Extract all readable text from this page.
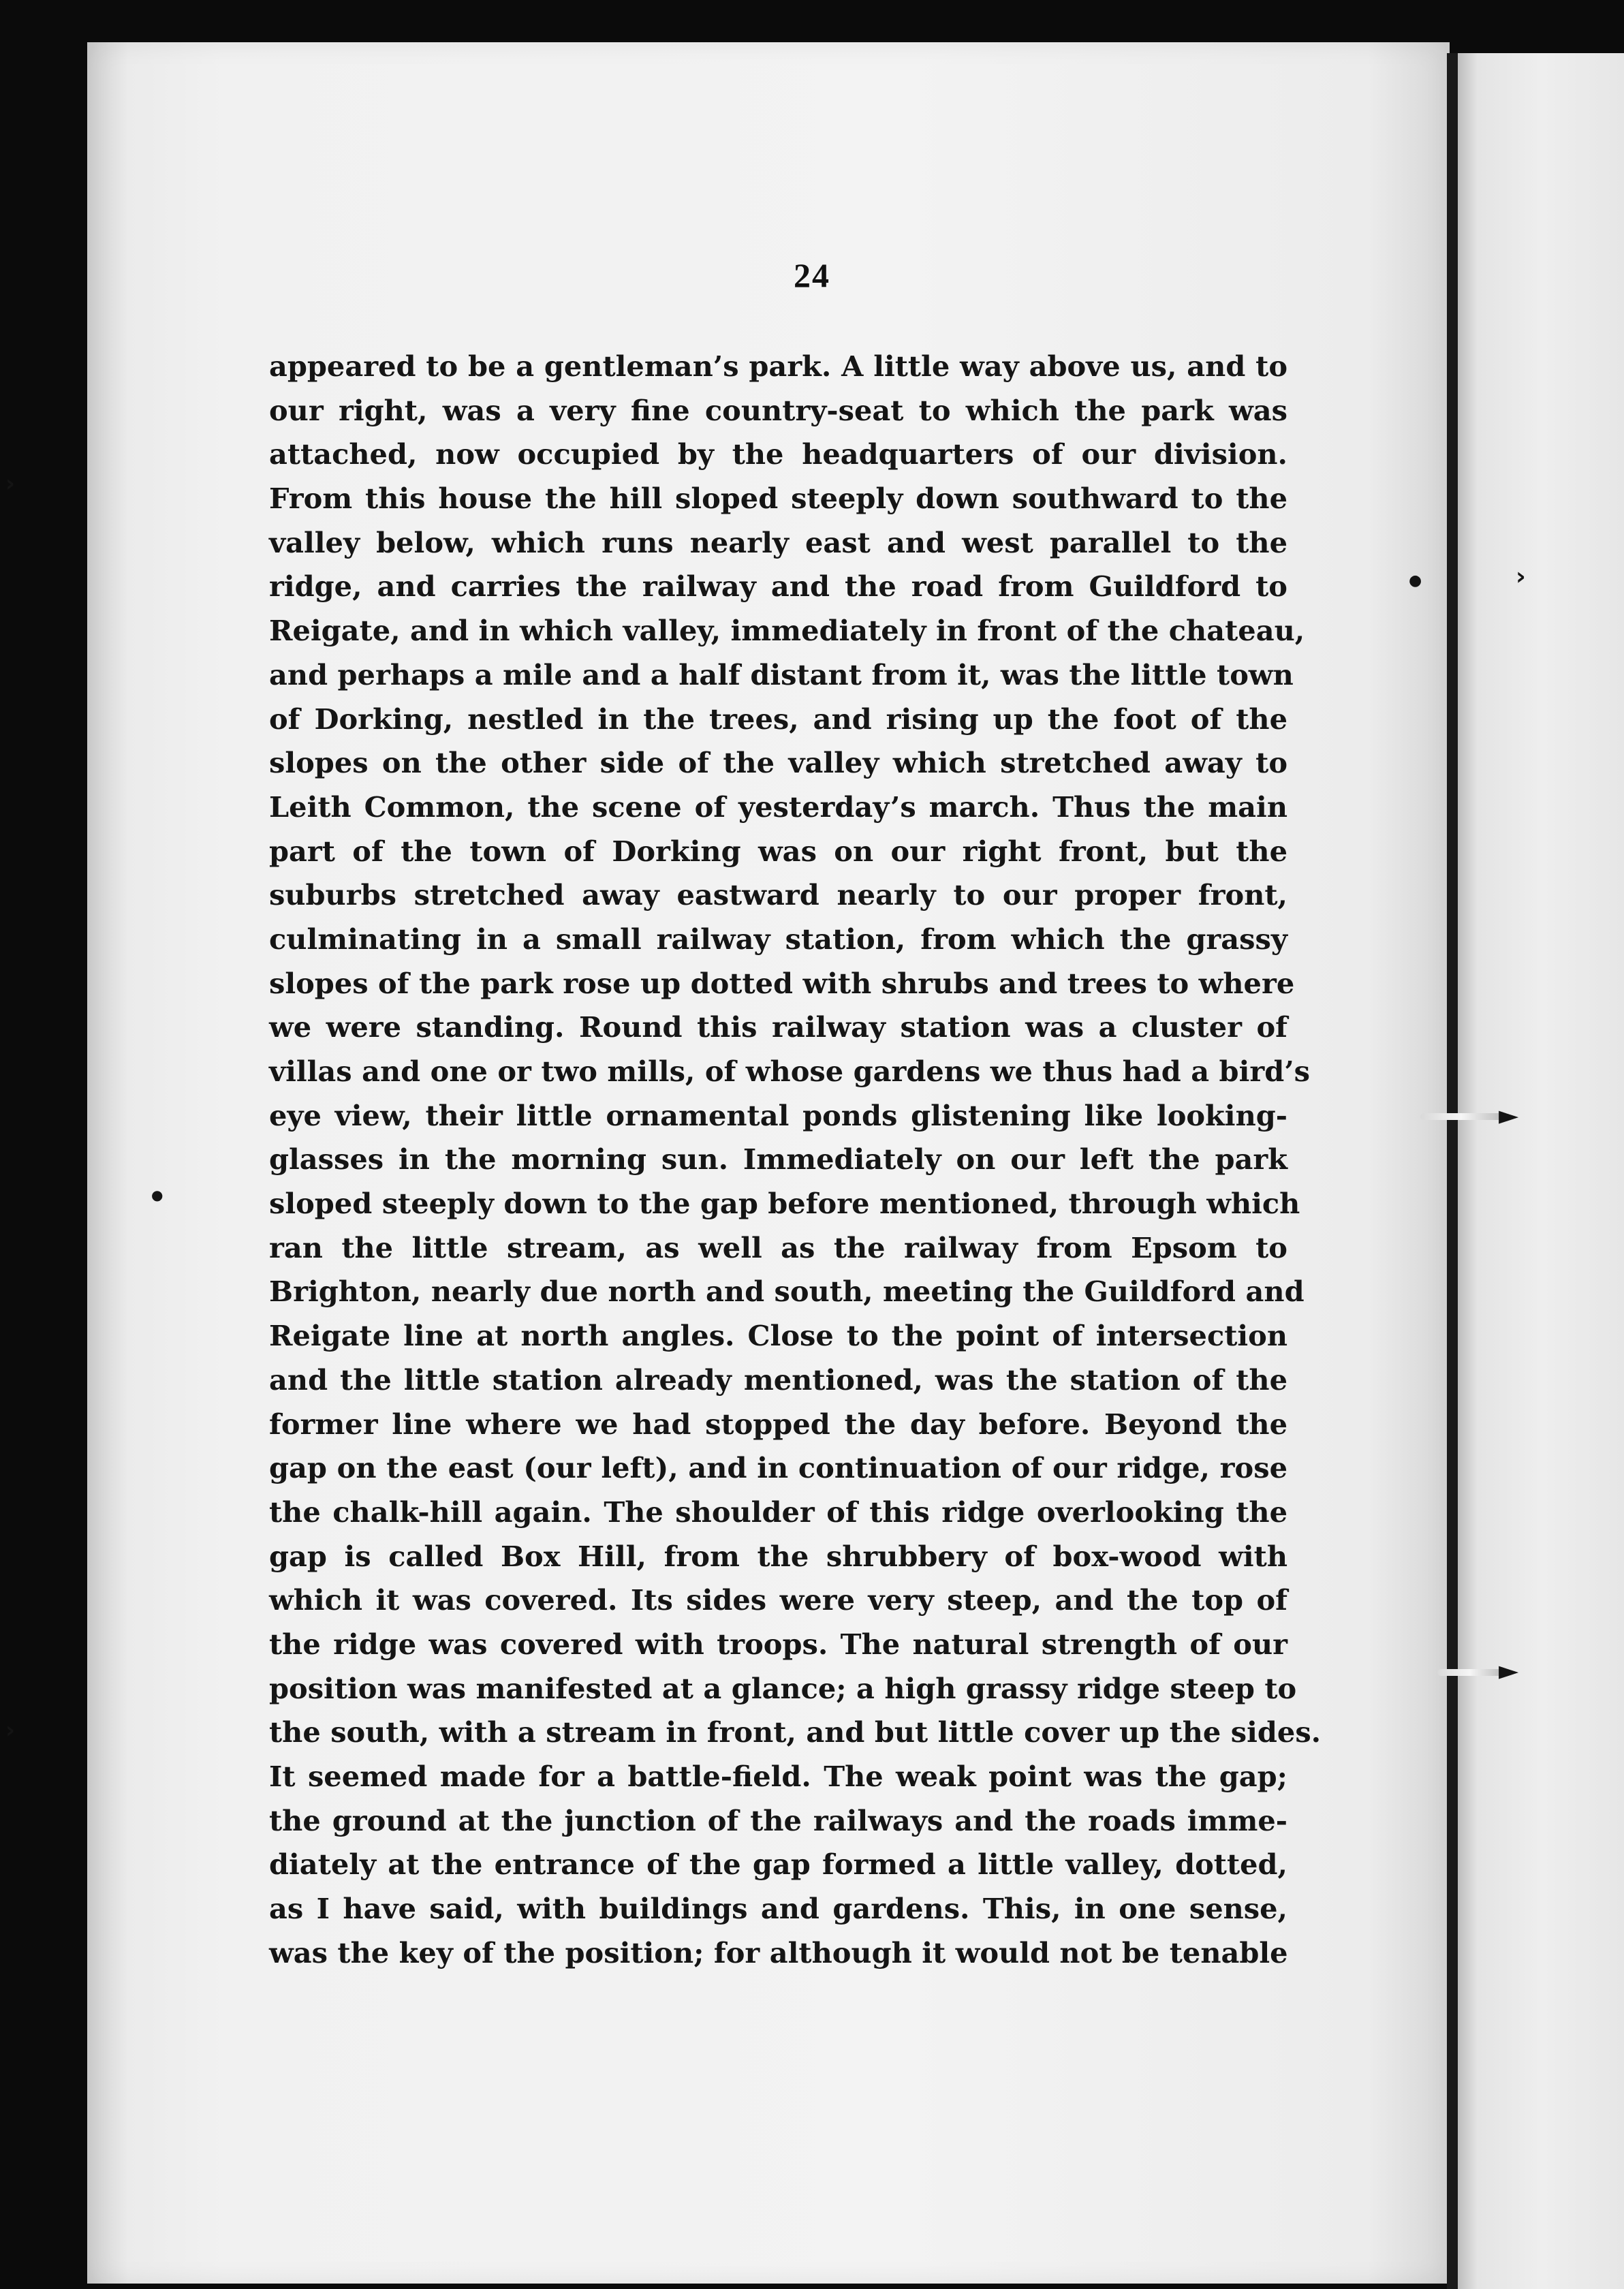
►
►
●	›
●
›
›
24
appeared to be a gentleman’s park. A little way above us, and to
our right, was a very fine country-seat to which the park was
attached, now occupied by the headquarters of our division.
From this house the hill sloped steeply down southward to the
valley below, which runs nearly east and west parallel to the
ridge, and carries the railway and the road from Guildford to
Reigate, and in which valley, immediately in front of the chateau,
and perhaps a mile and a half distant from it, was the little town
of Dorking, nestled in the trees, and rising up the foot of the
slopes on the other side of the valley which stretched away to
Leith Common, the scene of yesterday’s march. Thus the main
part of the town of Dorking was on our right front, but the
suburbs stretched away eastward nearly to our proper front,
culminating in a small railway station, from which the grassy
slopes of the park rose up dotted with shrubs and trees to where
we were standing. Round this railway station was a cluster of
villas and one or two mills, of whose gardens we thus had a bird’s
eye view, their little ornamental ponds glistening like looking-
glasses in the morning sun. Immediately on our left the park
sloped steeply down to the gap before mentioned, through which
ran the little stream, as well as the railway from Epsom to
Brighton, nearly due north and south, meeting the Guildford and
Reigate line at north angles. Close to the point of intersection
and the little station already mentioned, was the station of the
former line where we had stopped the day before. Beyond the
gap on the east (our left), and in continuation of our ridge, rose
the chalk-hill again. The shoulder of this ridge overlooking the
gap is called Box Hill, from the shrubbery of box-wood with
which it was covered. Its sides were very steep, and the top of
the ridge was covered with troops. The natural strength of our
position was manifested at a glance; a high grassy ridge steep to
the south, with a stream in front, and but little cover up the sides.
It seemed made for a battle-field. The weak point was the gap;
the ground at the junction of the railways and the roads imme-
diately at the entrance of the gap formed a little valley, dotted,
as I have said, with buildings and gardens. This, in one sense,
was the key of the position; for although it would not be tenable
